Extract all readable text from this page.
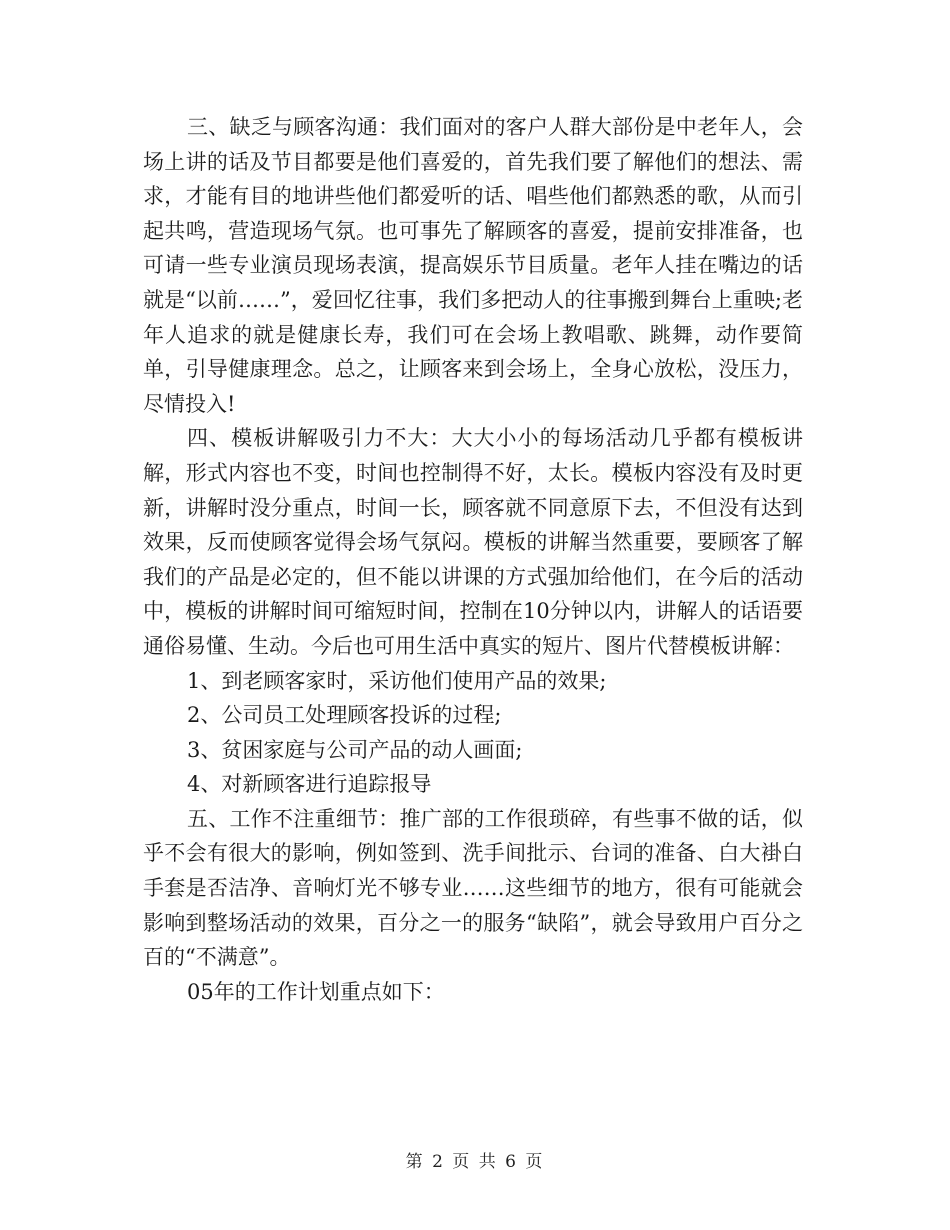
三、缺乏与顾客沟通：我们面对的客户人群大部份是中老年人，会场上讲的话及节目都要是他们喜爱的，首先我们要了解他们的想法、需求，才能有目的地讲些他们都爱听的话、唱些他们都熟悉的歌，从而引起共鸣，营造现场气氛。也可事先了解顾客的喜爱，提前安排准备，也可请一些专业演员现场表演，提高娱乐节目质量。老年人挂在嘴边的话就是“以前……”，爱回忆往事，我们多把动人的往事搬到舞台上重映;老年人追求的就是健康长寿，我们可在会场上教唱歌、跳舞，动作要简单，引导健康理念。总之，让顾客来到会场上，全身心放松，没压力，尽情投入!

四、模板讲解吸引力不大：大大小小的每场活动几乎都有模板讲解，形式内容也不变，时间也控制得不好，太长。模板内容没有及时更新，讲解时没分重点，时间一长，顾客就不同意原下去，不但没有达到效果，反而使顾客觉得会场气氛闷。模板的讲解当然重要，要顾客了解我们的产品是必定的，但不能以讲课的方式强加给他们，在今后的活动中，模板的讲解时间可缩短时间，控制在10分钟以内，讲解人的话语要通俗易懂、生动。今后也可用生活中真实的短片、图片代替模板讲解：

1、到老顾客家时，采访他们使用产品的效果;

2、公司员工处理顾客投诉的过程;

3、贫困家庭与公司产品的动人画面;

4、对新顾客进行追踪报导

五、工作不注重细节：推广部的工作很琐碎，有些事不做的话，似乎不会有很大的影响，例如签到、洗手间批示、台词的准备、白大褂白手套是否洁净、音响灯光不够专业……这些细节的地方，很有可能就会影响到整场活动的效果，百分之一的服务“缺陷”，就会导致用户百分之百的“不满意”。

05年的工作计划重点如下：

第 2 页 共 6 页
